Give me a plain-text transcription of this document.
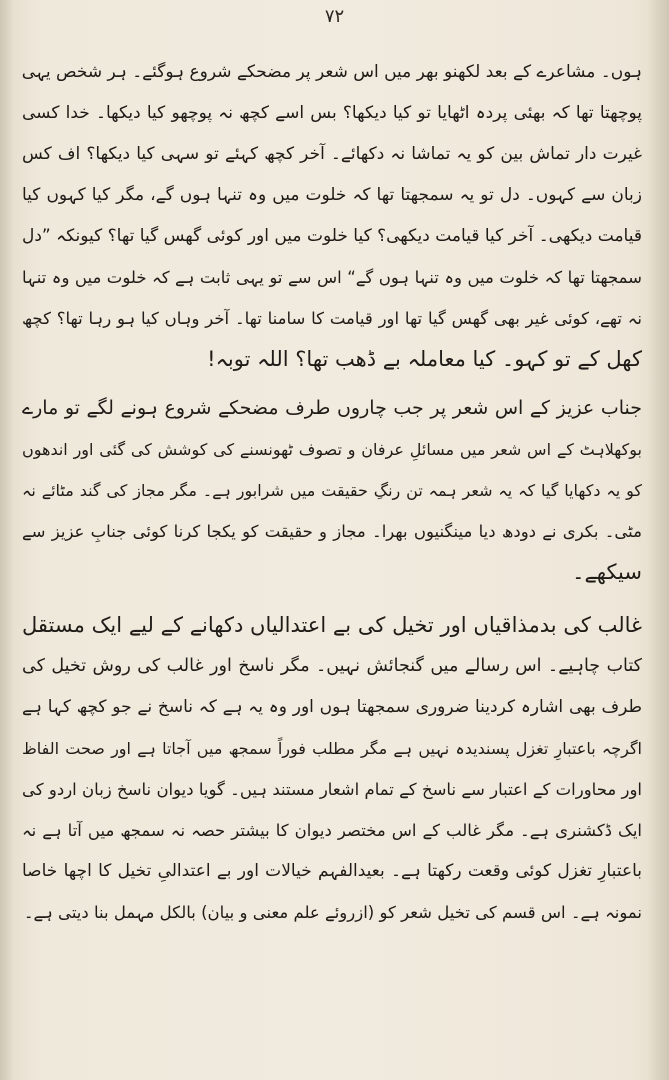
۷۲
ہوں۔ مشاعرے کے بعد لکھنو بھر میں اس شعر پر مضحکے شروع ہوگئے۔ ہر شخص یہی
پوچھتا تھا کہ بھئی پردہ اٹھایا تو کیا دیکھا؟ بس اسے کچھ نہ پوچھو کیا دیکھا۔ خدا کسی
غیرت دار تماش بین کو یہ تماشا نہ دکھائے۔ آخر کچھ کہئے تو سہی کیا دیکھا؟ اف کس
زبان سے کہوں۔ دل تو یہ سمجھتا تھا کہ خلوت میں وہ تنہا ہوں گے، مگر کیا کہوں کیا
قیامت دیکھی۔ آخر کیا قیامت دیکھی؟ کیا خلوت میں اور کوئی گھس گیا تھا؟ کیونکہ ”دل
سمجھتا تھا کہ خلوت میں وہ تنہا ہوں گے“ اس سے تو یہی ثابت ہے کہ خلوت میں وہ تنہا
نہ تھے، کوئی غیر بھی گھس گیا تھا اور قیامت کا سامنا تھا۔ آخر وہاں کیا ہو رہا تھا؟ کچھ
کھل کے تو کہو۔ کیا معاملہ بے ڈھب تھا؟ اللہ توبہ!
جناب عزیز کے اس شعر پر جب چاروں طرف مضحکے شروع ہونے لگے تو مارے
بوکھلاہٹ کے اس شعر میں مسائلِ عرفان و تصوف ٹھونسنے کی کوشش کی گئی اور اندھوں
کو یہ دکھایا گیا کہ یہ شعر ہمہ تن رنگِ حقیقت میں شرابور ہے۔ مگر مجاز کی گند مٹائے نہ
مٹی۔ بکری نے دودھ دیا مینگنیوں بھرا۔ مجاز و حقیقت کو یکجا کرنا کوئی جنابِ عزیز سے
سیکھے۔
غالب کی بدمذاقیاں اور تخیل کی بے اعتدالیاں دکھانے کے لیے ایک مستقل
کتاب چاہیے۔ اس رسالے میں گنجائش نہیں۔ مگر ناسخ اور غالب کی روش تخیل کی
طرف بھی اشارہ کردینا ضروری سمجھتا ہوں اور وہ یہ ہے کہ ناسخ نے جو کچھ کہا ہے
اگرچہ باعتبارِ تغزل پسندیدہ نہیں ہے مگر مطلب فوراً سمجھ میں آجاتا ہے اور صحت الفاظ
اور محاورات کے اعتبار سے ناسخ کے تمام اشعار مستند ہیں۔ گویا دیوان ناسخ زبان اردو کی
ایک ڈکشنری ہے۔ مگر غالب کے اس مختصر دیوان کا بیشتر حصہ نہ سمجھ میں آتا ہے نہ
باعتبارِ تغزل کوئی وقعت رکھتا ہے۔ بعیدالفہم خیالات اور بے اعتدالیِ تخیل کا اچھا خاصا
نمونہ ہے۔ اس قسم کی تخیل شعر کو (ازروئے علم معنی و بیان) بالکل مہمل بنا دیتی ہے۔
